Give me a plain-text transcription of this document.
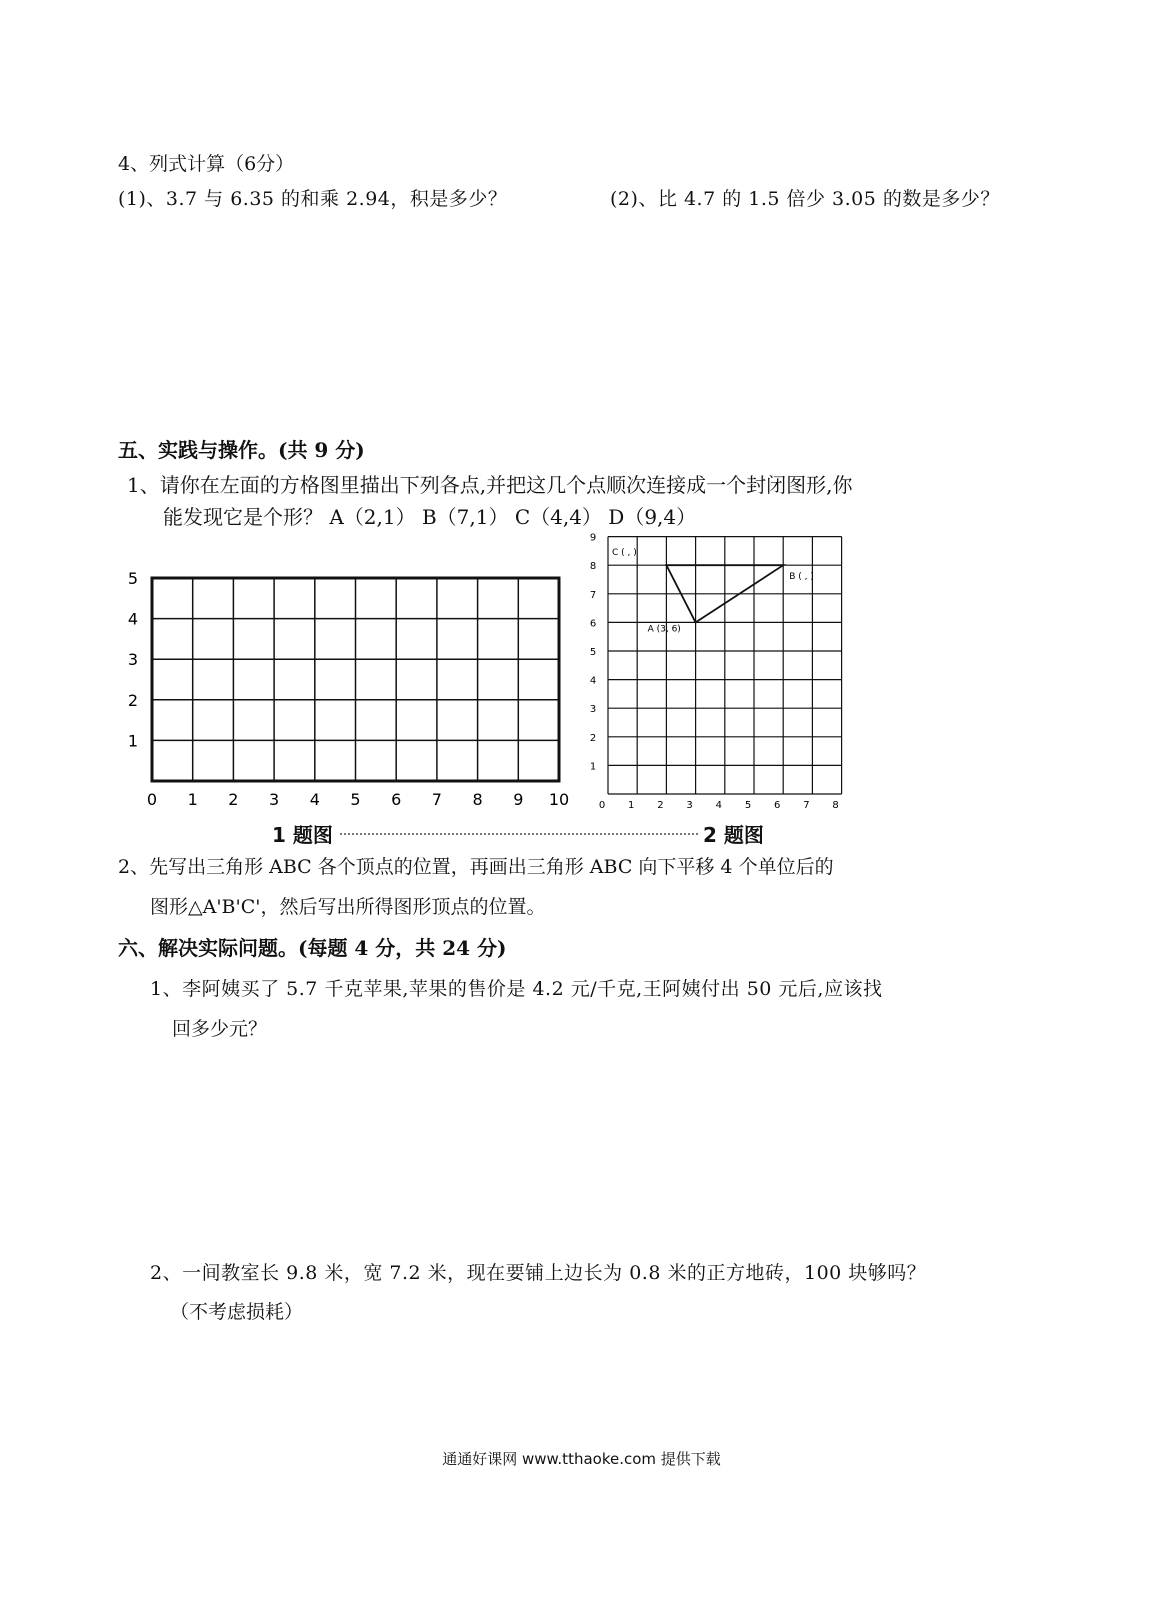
4、列式计算（6分）
(1)、3.7 与 6.35 的和乘 2.94，积是多少？	(2)、比 4.7 的 1.5 倍少 3.05 的数是多少？
五、实践与操作。(共 9 分)
1、请你在左面的方格图里描出下列各点,并把这几个点顺次连接成一个封闭图形,你
能发现它是个形？ A（2,1） B（7,1） C（4,4） D（9,4）
0 1 2 3 4 5 6 7 8 9 10
1
2
3
4
5
0 1 2 3 4 5 6 7 8
1
2
3
4
5
6
7
8
9
A (3, 6)
B ( , )
C ( , )
1 题图	2 题图
2、先写出三角形 ABC 各个顶点的位置，再画出三角形 ABC 向下平移 4 个单位后的
图形△A'B'C'，然后写出所得图形顶点的位置。
六、解决实际问题。(每题 4 分，共 24 分)
1、李阿姨买了 5.7 千克苹果,苹果的售价是 4.2 元/千克,王阿姨付出 50 元后,应该找
回多少元？
2、一间教室长 9.8 米，宽 7.2 米，现在要铺上边长为 0.8 米的正方地砖，100 块够吗？
（不考虑损耗）
通通好课网 www.tthaoke.com 提供下载
